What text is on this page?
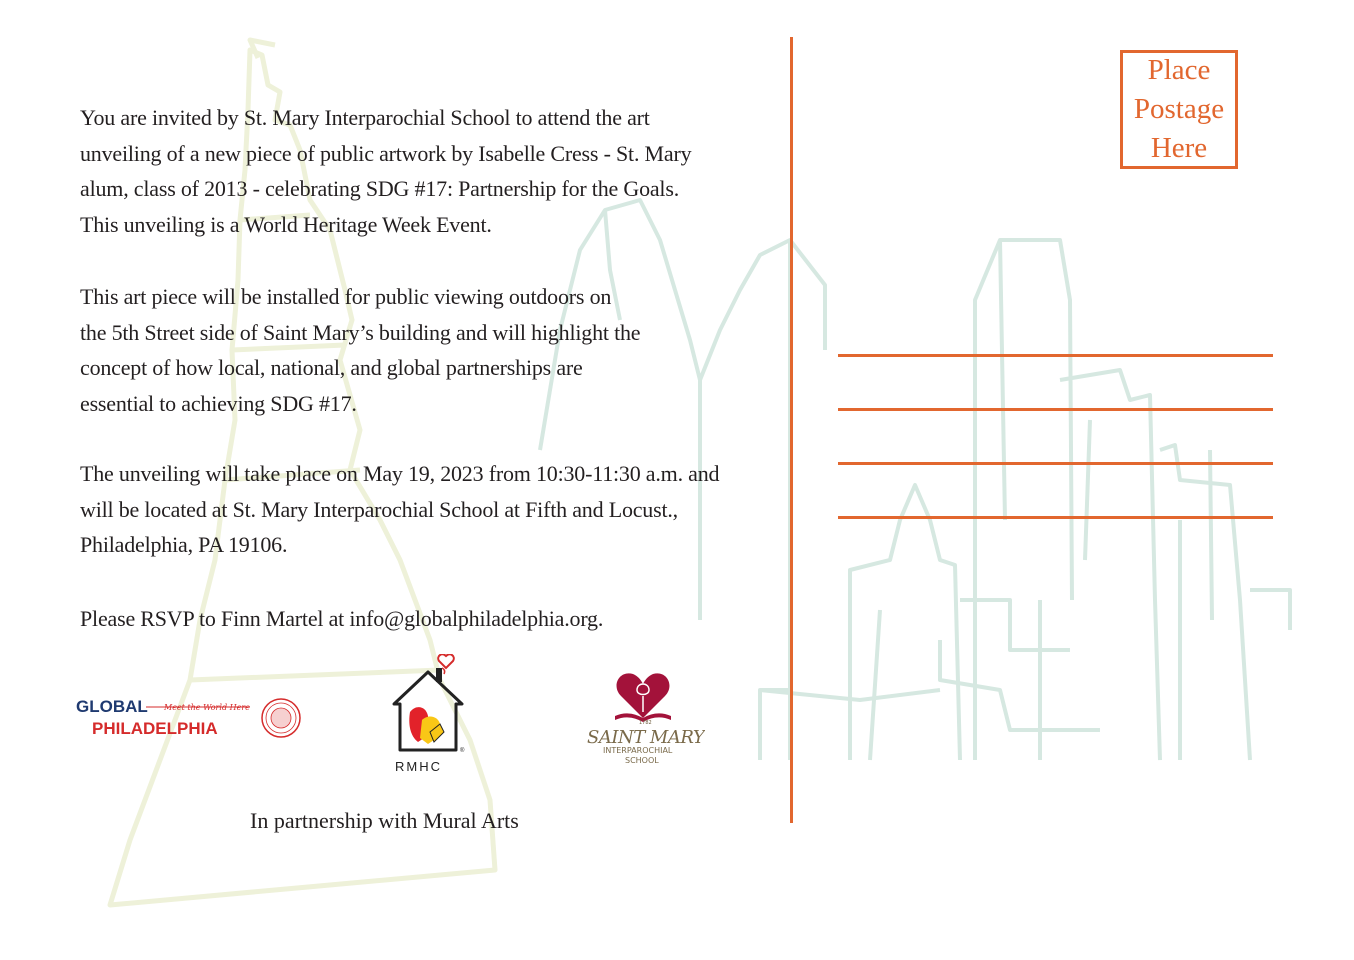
You are invited by St. Mary Interparochial School to attend the art
unveiling of a new piece of public artwork by Isabelle Cress - St. Mary
alum, class of 2013 - celebrating SDG #17: Partnership for the Goals.
This unveiling is a World Heritage Week Event.

This art piece will be installed for public viewing outdoors on
the 5th Street side of Saint Mary’s building and will highlight the
concept of how local, national, and global partnerships are
essential to achieving SDG #17.

The unveiling will take place on May 19, 2023 from 10:30-11:30 a.m. and
will be located at St. Mary Interparochial School at Fifth and Locust.,
Philadelphia, PA 19106.

Please RSVP to Finn Martel at info@globalphiladelphia.org.

GLOBAL Meet the World Here
PHILADELPHIA
®
RMHC
1782
SAINT MARY
INTERPAROCHIAL
SCHOOL

In partnership with Mural Arts

Place
Postage
Here
